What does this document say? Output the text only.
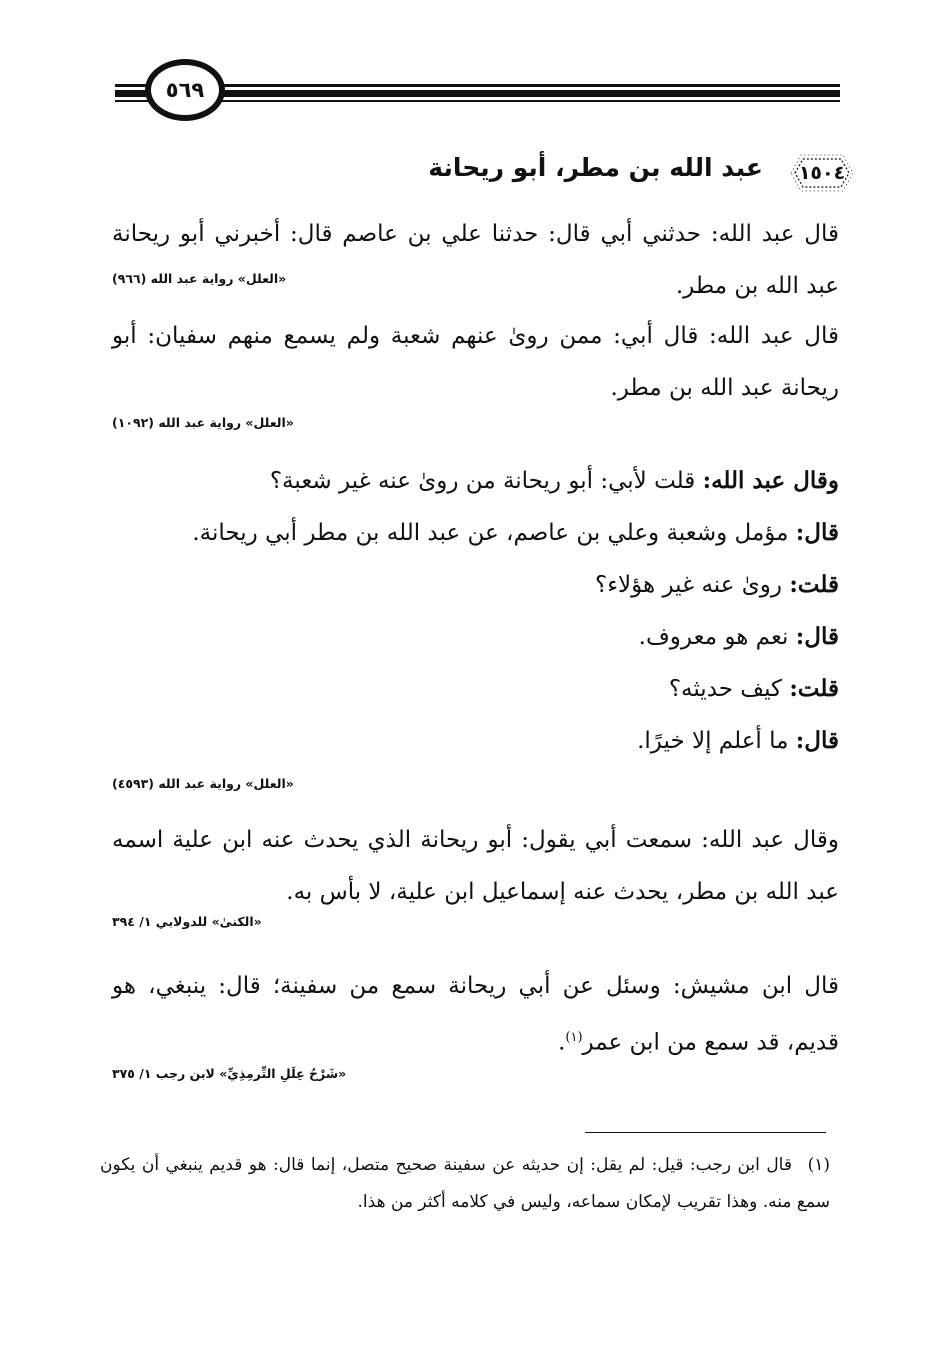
٥٦٩
١٥٠٤
عبد الله بن مطر، أبو ريحانة

قال عبد الله: حدثني أبي قال: حدثنا علي بن عاصم قال: أخبرني أبو ريحانة عبد الله بن مطر.

«العلل» رواية عبد الله (٩٦٦)

قال عبد الله: قال أبي: ممن روىٰ عنهم شعبة ولم يسمع منهم سفيان: أبو ريحانة عبد الله بن مطر.

«العلل» رواية عبد الله (١٠٩٢)

وقال عبد الله: قلت لأبي: أبو ريحانة من روىٰ عنه غير شعبة؟

قال: مؤمل وشعبة وعلي بن عاصم، عن عبد الله بن مطر أبي ريحانة.

قلت: روىٰ عنه غير هؤلاء؟

قال: نعم هو معروف.

قلت: كيف حديثه؟

قال: ما أعلم إلا خيرًا.

«العلل» رواية عبد الله (٤٥٩٣)

وقال عبد الله: سمعت أبي يقول: أبو ريحانة الذي يحدث عنه ابن علية اسمه عبد الله بن مطر، يحدث عنه إسماعيل ابن علية، لا بأس به.

«الكنىٰ» للدولابي ١/ ٣٩٤

قال ابن مشيش: وسئل عن أبي ريحانة سمع من سفينة؛ قال: ينبغي، هو قديم، قد سمع من ابن عمر$^{(١)}$.

«شَرْحُ عِلَلِ التِّرمِذِيِّ» لابن رجب ١/ ٣٧٥

(١)قال ابن رجب: قيل: لم يقل: إن حديثه عن سفينة صحيح متصل، إنما قال: هو قديم ينبغي أن يكون سمع منه. وهذا تقريب لإمكان سماعه، وليس في كلامه أكثر من هذا.
